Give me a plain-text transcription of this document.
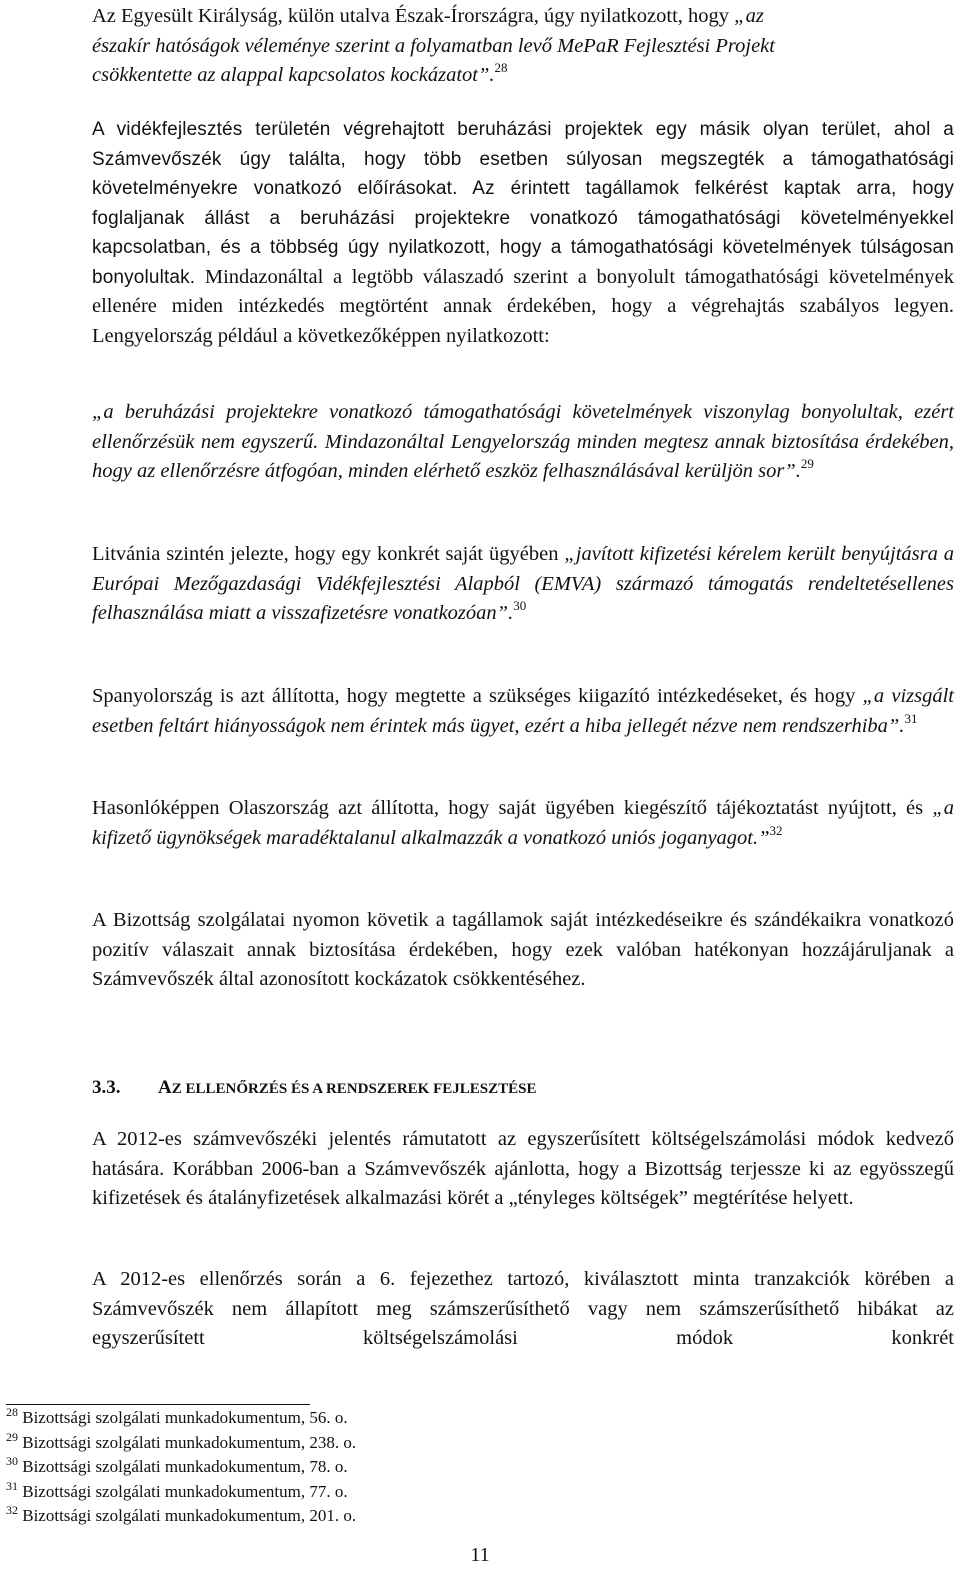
Az Egyesült Királyság, külön utalva Észak-Írországra, úgy nyilatkozott, hogy „az
északír hatóságok véleménye szerint a folyamatban levő MePaR Fejlesztési Projekt
csökkentette az alappal kapcsolatos kockázatot”.$^{28}$

A vidékfejlesztés területén végrehajtott beruházási projektek egy másik olyan terület, ahol a Számvevőszék úgy találta, hogy több esetben súlyosan megszegték a támogathatósági követelményekre vonatkozó előírásokat. Az érintett tagállamok felkérést kaptak arra, hogy foglaljanak állást a beruházási projektekre vonatkozó támogathatósági követelményekkel kapcsolatban, és a többség úgy nyilatkozott, hogy a támogathatósági követelmények túlságosan bonyolultak. Mindazonáltal a legtöbb válaszadó szerint a bonyolult támogathatósági követelmények ellenére miden intézkedés megtörtént annak érdekében, hogy a végrehajtás szabályos legyen. Lengyelország például a következőképpen nyilatkozott:

„a beruházási projektekre vonatkozó támogathatósági követelmények viszonylag bonyolultak, ezért ellenőrzésük nem egyszerű. Mindazonáltal Lengyelország minden megtesz annak biztosítása érdekében, hogy az ellenőrzésre átfogóan, minden elérhető eszköz felhasználásával kerüljön sor”.$^{29}$

Litvánia szintén jelezte, hogy egy konkrét saját ügyében „javított kifizetési kérelem került benyújtásra a Európai Mezőgazdasági Vidékfejlesztési Alapból (EMVA) származó támogatás rendeltetésellenes felhasználása miatt a visszafizetésre vonatkozóan”.$^{30}$

Spanyolország is azt állította, hogy megtette a szükséges kiigazító intézkedéseket, és hogy „a vizsgált esetben feltárt hiányosságok nem érintek más ügyet, ezért a hiba jellegét nézve nem rendszerhiba”.$^{31}$

Hasonlóképpen Olaszország azt állította, hogy saját ügyében kiegészítő tájékoztatást nyújtott, és „a kifizető ügynökségek maradéktalanul alkalmazzák a vonatkozó uniós joganyagot.”$^{32}$

A Bizottság szolgálatai nyomon követik a tagállamok saját intézkedéseikre és szándékaikra vonatkozó pozitív válaszait annak biztosítása érdekében, hogy ezek valóban hatékonyan hozzájáruljanak a Számvevőszék által azonosított kockázatok csökkentéséhez.

3.3. AZ ELLENŐRZÉS ÉS A RENDSZEREK FEJLESZTÉSE

A 2012-es számvevőszéki jelentés rámutatott az egyszerűsített költségelszámolási módok kedvező hatására. Korábban 2006-ban a Számvevőszék ajánlotta, hogy a Bizottság terjessze ki az egyösszegű kifizetések és átalányfizetések alkalmazási körét a „tényleges költségek” megtérítése helyett.

A 2012-es ellenőrzés során a 6. fejezethez tartozó, kiválasztott minta tranzakciók körében a Számvevőszék nem állapított meg számszerűsíthető vagy nem számszerűsíthető hibákat az egyszerűsített költségelszámolási módok konkrét

$^{28}$ Bizottsági szolgálati munkadokumentum, 56. o.
$^{29}$ Bizottsági szolgálati munkadokumentum, 238. o.
$^{30}$ Bizottsági szolgálati munkadokumentum, 78. o.
$^{31}$ Bizottsági szolgálati munkadokumentum, 77. o.
$^{32}$ Bizottsági szolgálati munkadokumentum, 201. o.
11
